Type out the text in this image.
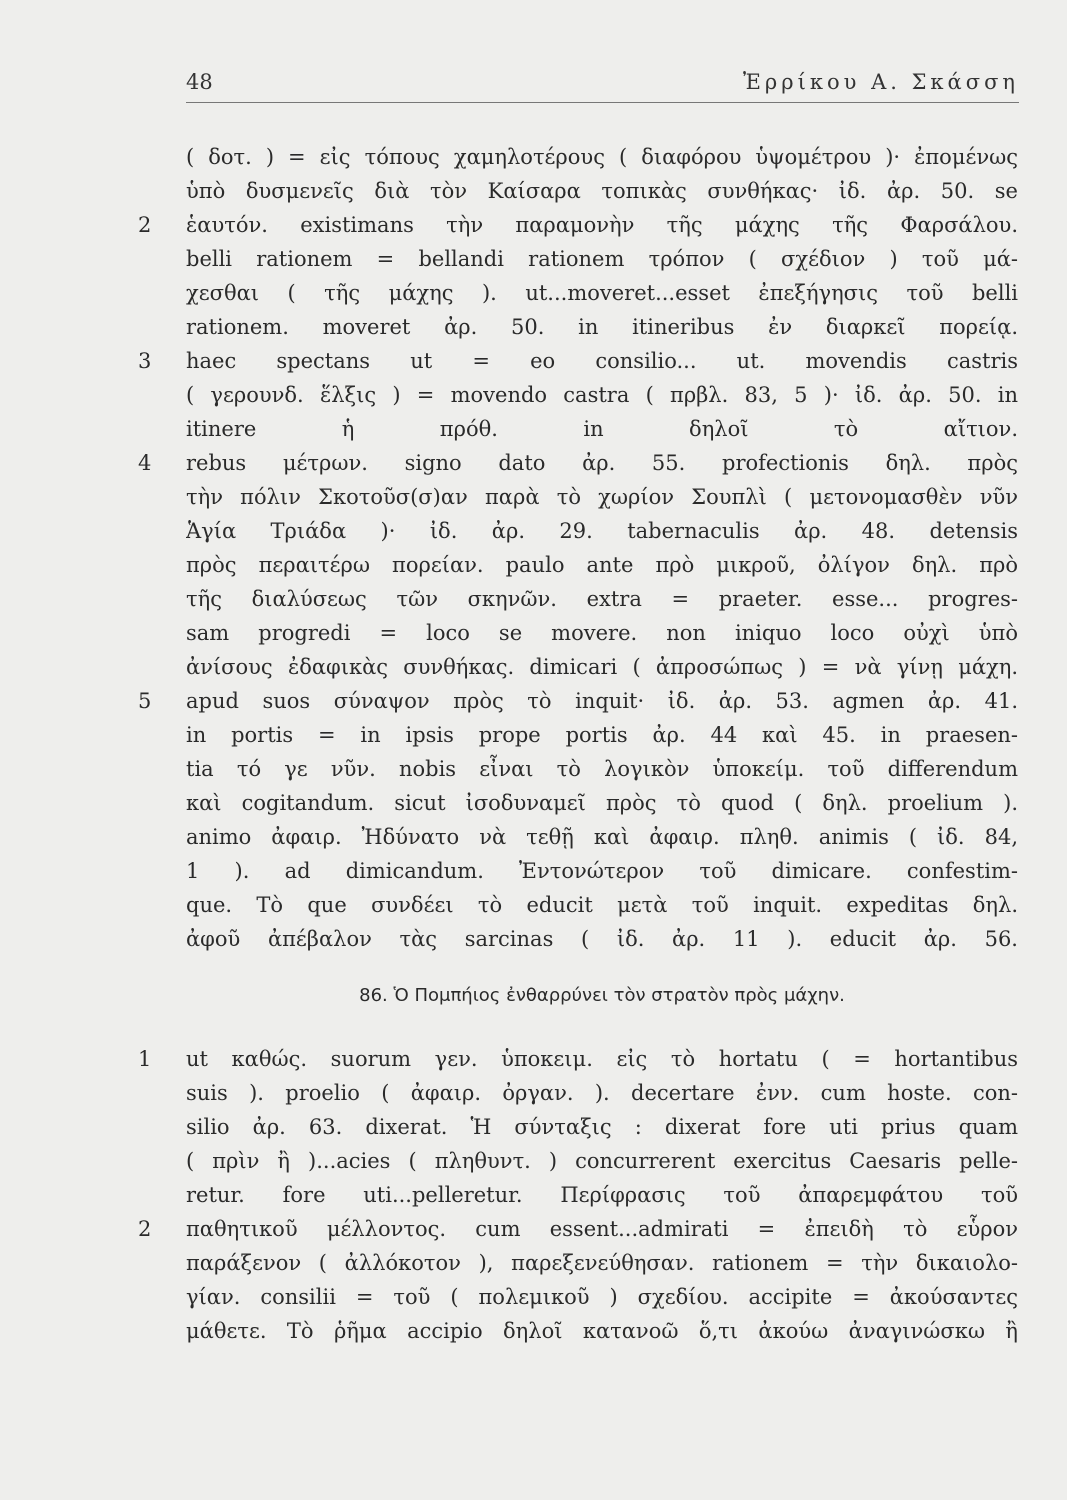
48	Ἐρρίκου Α. Σκάσση
( δοτ. ) = εἰς τόπους χαμηλοτέρους ( διαφόρου ὑψομέτρου )· ἐπομένως
ὑπὸ δυσμενεῖς διὰ τὸν Καίσαρα τοπικὰς συνθήκας· ἰδ. ἀρ. 50. se
2 ἑαυτόν. existimans τὴν παραμονὴν τῆς μάχης τῆς Φαρσάλου.
belli rationem = bellandi rationem τρόπον ( σχέδιον ) τοῦ μά-
χεσθαι ( τῆς μάχης ). ut...moveret...esset ἐπεξήγησις τοῦ belli
rationem. moveret ἀρ. 50. in itineribus ἐν διαρκεῖ πορείᾳ.
3 haec spectans ut = eo consilio... ut. movendis castris
( γερουνδ. ἕλξις ) = movendo castra ( πρβλ. 83, 5 )· ἰδ. ἀρ. 50. in
itinere ἡ πρόθ. in δηλοῖ τὸ αἴτιον.
4 rebus μέτρων. signo dato ἀρ. 55. profectionis δηλ. πρὸς
τὴν πόλιν Σκοτοῦσ(σ)αν παρὰ τὸ χωρίον Σουπλὶ ( μετονομασθὲν νῦν
Ἁγία Τριάδα )· ἰδ. ἀρ. 29. tabernaculis ἀρ. 48. detensis
πρὸς περαιτέρω πορείαν. paulo ante πρὸ μικροῦ, ὀλίγον δηλ. πρὸ
τῆς διαλύσεως τῶν σκηνῶν. extra = praeter. esse... progres-
sam progredi = loco se movere. non iniquo loco οὐχὶ ὑπὸ
ἀνίσους ἐδαφικὰς συνθήκας. dimicari ( ἀπροσώπως ) = νὰ γίνῃ μάχη.
5 apud suos σύναψον πρὸς τὸ inquit· ἰδ. ἀρ. 53. agmen ἀρ. 41.
in portis = in ipsis prope portis ἀρ. 44 καὶ 45. in praesen-
tia τό γε νῦν. nobis εἶναι τὸ λογικὸν ὑποκείμ. τοῦ differendum
καὶ cogitandum. sicut ἰσοδυναμεῖ πρὸς τὸ quod ( δηλ. proelium ).
animo ἀφαιρ. Ἠδύνατο νὰ τεθῇ καὶ ἀφαιρ. πληθ. animis ( ἰδ. 84,
1 ). ad dimicandum. Ἐντονώτερον τοῦ dimicare. confestim-
que. Τὸ que συνδέει τὸ educit μετὰ τοῦ inquit. expeditas δηλ.
ἀφοῦ ἀπέβαλον τὰς sarcinas ( ἰδ. ἀρ. 11 ). educit ἀρ. 56.
86. Ὁ Πομπήιος ἐνθαρρύνει τὸν στρατὸν πρὸς μάχην.
1 ut καθώς. suorum γεν. ὑποκειμ. εἰς τὸ hortatu ( = hortantibus
suis ). proelio ( ἀφαιρ. ὀργαν. ). decertare ἐνν. cum hoste. con-
silio ἀρ. 63. dixerat. Ἡ σύνταξις : dixerat fore uti prius quam
( πρὶν ἢ )...acies ( πληθυντ. ) concurrerent exercitus Caesaris pelle-
retur. fore uti...pelleretur. Περίφρασις τοῦ ἀπαρεμφάτου τοῦ
2 παθητικοῦ μέλλοντος. cum essent...admirati = ἐπειδὴ τὸ εὗρον
παράξενον ( ἀλλόκοτον ), παρεξενεύθησαν. rationem = τὴν δικαιολο-
γίαν. consilii = τοῦ ( πολεμικοῦ ) σχεδίου. accipite = ἀκούσαντες
μάθετε. Τὸ ῥῆμα accipio δηλοῖ κατανοῶ ὅ,τι ἀκούω ἀναγινώσκω ἢ
